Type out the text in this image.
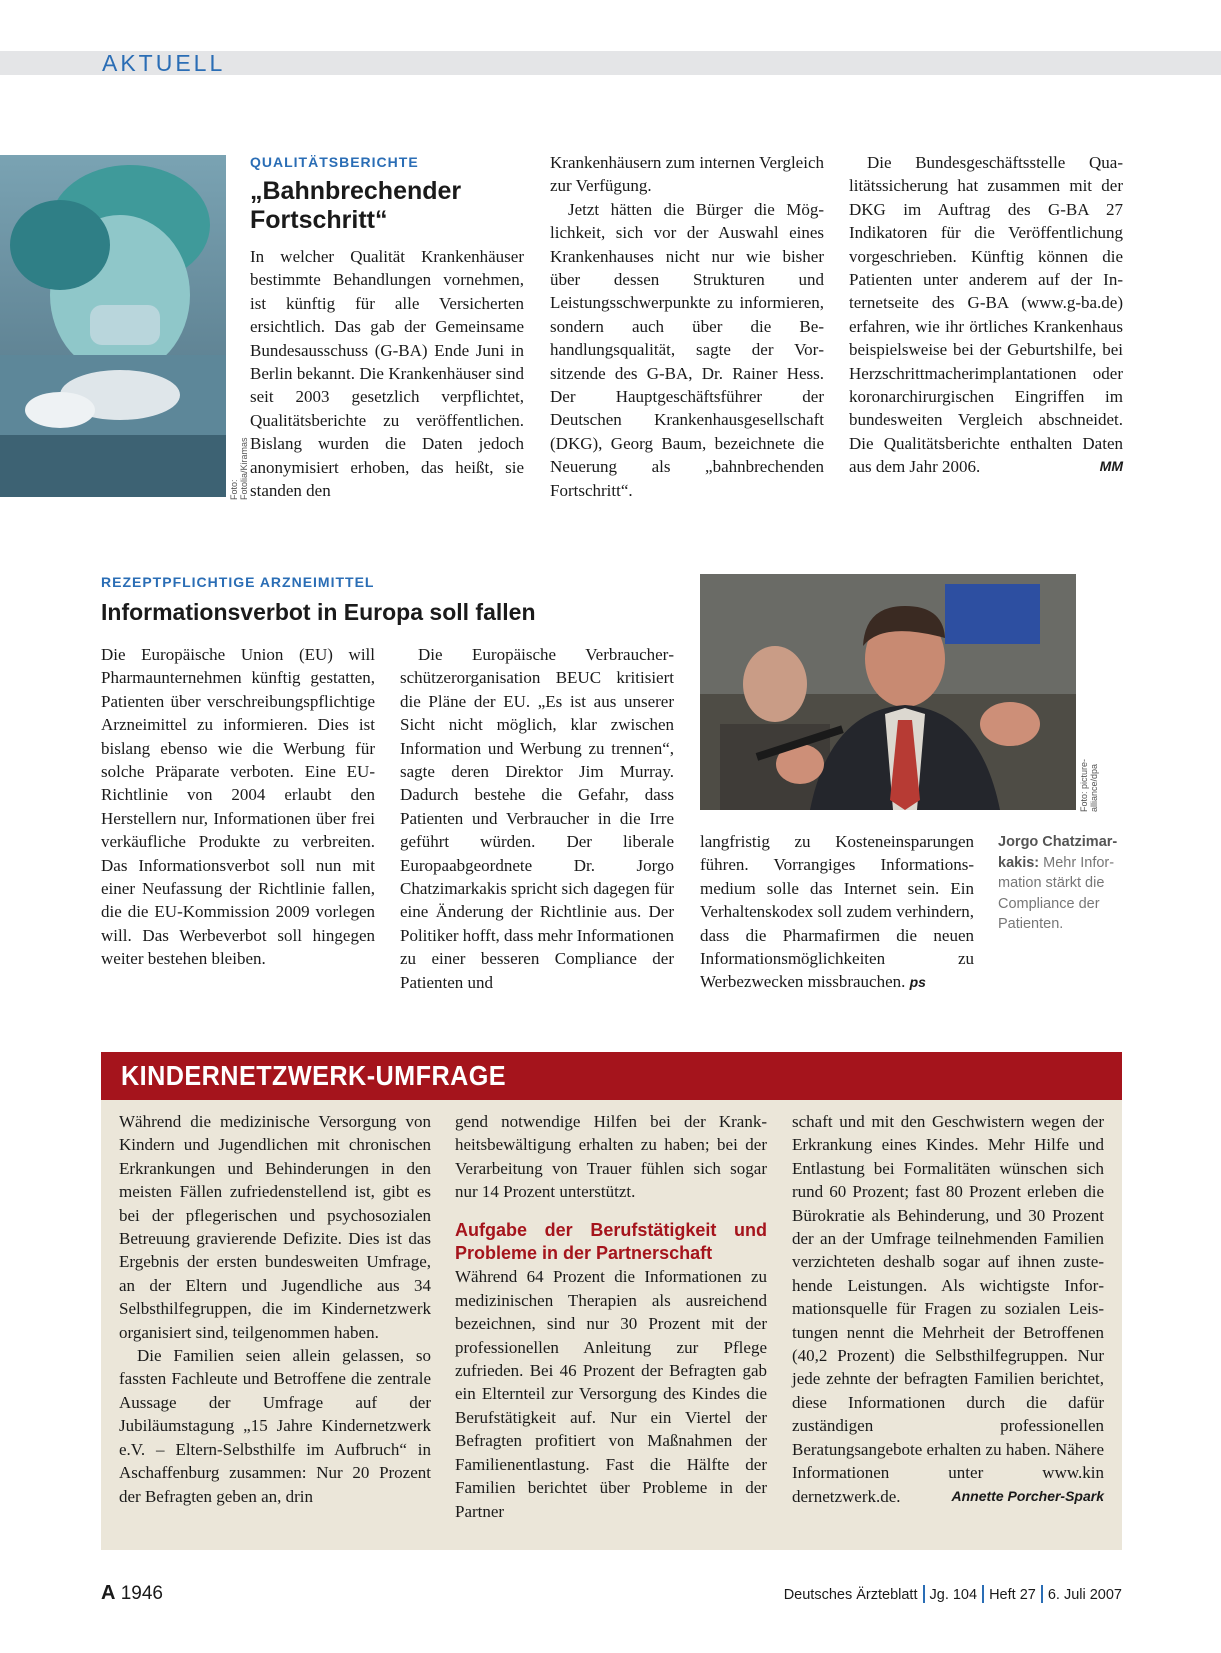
AKTUELL
Foto: Fotolia/Kiramas
QUALITÄTSBERICHTE
„Bahnbrechender
Fortschritt“

In welcher Qualität Krankenhäuser bestimmte Behandlungen vornehmen, ist künftig für alle Versicherten ersichtlich. Das gab der Gemeinsame Bundesausschuss (G-BA) Ende Juni in Berlin bekannt. Die Krankenhäuser sind seit 2003 gesetzlich verpflichtet, Qualitätsberichte zu veröffentlichen. Bislang wurden die Daten jedoch anonymisiert erhoben, das heißt, sie standen den

Krankenhäusern zum internen Vergleich zur Verfügung.

Jetzt hätten die Bürger die Möglichkeit, sich vor der Auswahl eines Krankenhauses nicht nur wie bisher über dessen Strukturen und Leistungsschwerpunkte zu informieren, sondern auch über die Behandlungsqualität, sagte der Vorsitzende des G-BA, Dr. Rainer Hess. Der Hauptgeschäftsführer der Deutschen Krankenhausgesellschaft (DKG), Georg Baum, bezeichnete die Neuerung als „bahnbrechenden Fortschritt“.

Die Bundesgeschäftsstelle Qualitätssicherung hat zusammen mit der DKG im Auftrag des G-BA 27 Indikatoren für die Veröffentlichung vorgeschrieben. Künftig können die Patienten unter anderem auf der Internetseite des G-BA (www.g-ba.de) erfahren, wie ihr örtliches Krankenhaus beispielsweise bei der Geburtshilfe, bei Herzschrittmacherimplantationen oder koronarchirurgischen Eingriffen im bundesweiten Vergleich abschneidet. Die Qualitätsberichte enthalten Daten aus dem Jahr 2006.	MM

REZEPTPFLICHTIGE ARZNEIMITTEL
Informationsverbot in Europa soll fallen

Die Europäische Union (EU) will Pharmaunternehmen künftig gestatten, Patienten über verschreibungspflichtige Arzneimittel zu informieren. Dies ist bislang ebenso wie die Werbung für solche Präparate verboten. Eine EU-Richtlinie von 2004 erlaubt den Herstellern nur, Informationen über frei verkäufliche Produkte zu verbreiten. Das Informationsverbot soll nun mit einer Neufassung der Richtlinie fallen, die die EU-Kommission 2009 vorlegen will. Das Werbeverbot soll hingegen weiter bestehen bleiben.

Die Europäische Verbraucherschützerorganisation BEUC kritisiert die Pläne der EU. „Es ist aus unserer Sicht nicht möglich, klar zwischen Information und Werbung zu trennen“, sagte deren Direktor Jim Murray. Dadurch bestehe die Gefahr, dass Patienten und Verbraucher in die Irre geführt würden. Der liberale Europaabgeordnete Dr. Jorgo Chatzimarkakis spricht sich dagegen für eine Änderung der Richtlinie aus. Der Politiker hofft, dass mehr Informationen zu einer besseren Compliance der Patienten und

Foto: picture-alliance/dpa

langfristig zu Kosteneinsparungen führen. Vorrangiges Informationsmedium solle das Internet sein. Ein Verhaltenskodex soll zudem verhindern, dass die Pharmafirmen die neuen Informationsmöglichkeiten zu Werbezwecken missbrauchen. ps

Jorgo Chatzimarkakis: Mehr Information stärkt die Compliance der Patienten.
KINDERNETZWERK-UMFRAGE

Während die medizinische Versorgung von Kindern und Jugendlichen mit chronischen Erkrankungen und Behinderungen in den meisten Fällen zufriedenstellend ist, gibt es bei der pflegerischen und psychosozialen Betreuung gravierende Defizite. Dies ist das Ergebnis der ersten bundesweiten Umfrage, an der Eltern und Jugendliche aus 34 Selbsthilfegruppen, die im Kindernetzwerk organisiert sind, teilgenommen haben.

Die Familien seien allein gelassen, so fassten Fachleute und Betroffene die zentrale Aussage der Umfrage auf der Jubiläumstagung „15 Jahre Kindernetzwerk e.V. – Eltern-Selbsthilfe im Aufbruch“ in Aschaffenburg zusammen: Nur 20 Prozent der Befragten geben an, drin

gend notwendige Hilfen bei der Krankheitsbewältigung erhalten zu haben; bei der Verarbeitung von Trauer fühlen sich sogar nur 14 Prozent unterstützt.

Aufgabe der Berufstätigkeit und Probleme in der Partnerschaft

Während 64 Prozent die Informationen zu medizinischen Therapien als ausreichend bezeichnen, sind nur 30 Prozent mit der professionellen Anleitung zur Pflege zufrieden. Bei 46 Prozent der Befragten gab ein Elternteil zur Versorgung des Kindes die Berufstätigkeit auf. Nur ein Viertel der Befragten profitiert von Maßnahmen der Familienentlastung. Fast die Hälfte der Familien berichtet über Probleme in der Partner

schaft und mit den Geschwistern wegen der Erkrankung eines Kindes. Mehr Hilfe und Entlastung bei Formalitäten wünschen sich rund 60 Prozent; fast 80 Prozent erleben die Bürokratie als Behinderung, und 30 Prozent der an der Umfrage teilnehmenden Familien verzichteten deshalb sogar auf ihnen zustehende Leistungen. Als wichtigste Informationsquelle für Fragen zu sozialen Leistungen nennt die Mehrheit der Betroffenen (40,2 Prozent) die Selbsthilfegruppen. Nur jede zehnte der befragten Familien berichtet, diese Informationen durch die dafür zuständigen professionellen Beratungsangebote erhalten zu haben. Nähere Informationen unter www.kin dernetzwerk.de.	Annette Porcher-Spark

A 1946	Deutsches Ärzteblatt Jg. 104 Heft 27 6. Juli 2007
